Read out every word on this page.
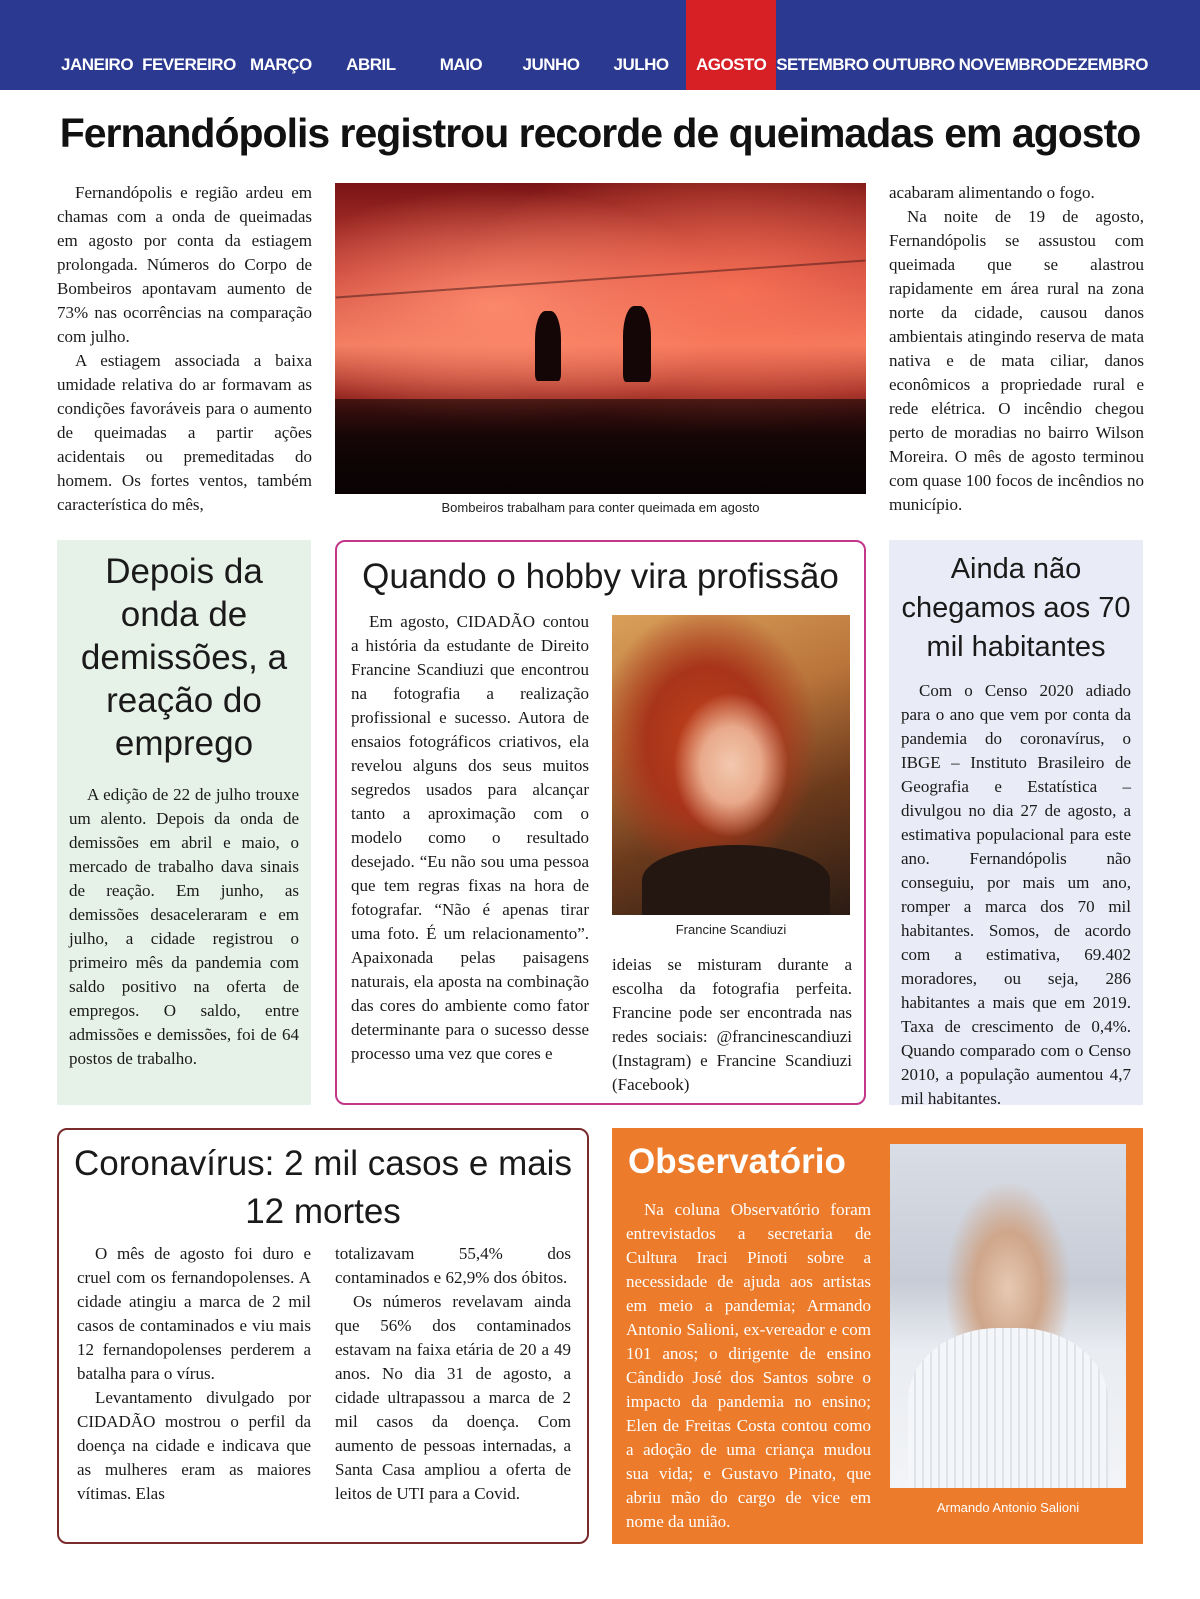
JANEIRO FEVEREIRO MARÇO	ABRIL	MAIO	JUNHO	JULHO	AGOSTO SETEMBRO OUTUBRO NOVEMBRO DEZEMBRO
Fernandópolis registrou recorde de queimadas em agosto

Fernandópolis e região ardeu em chamas com a onda de queimadas em agosto por conta da estiagem prolongada. Números do Corpo de Bombeiros apontavam aumento de 73% nas ocorrências na comparação com julho.

A estiagem associada a baixa umidade relativa do ar formavam as condições favoráveis para o aumento de queimadas a partir ações acidentais ou premeditadas do homem. Os fortes ventos, também característica do mês,	Bombeiros trabalham para conter queimada em agosto

acabaram alimentando o fogo.

Na noite de 19 de agosto, Fernandópolis se assustou com queimada que se alastrou rapidamente em área rural na zona norte da cidade, causou danos ambientais atingindo reserva de mata nativa e de mata ciliar, danos econômicos a propriedade rural e rede elétrica. O incêndio chegou perto de moradias no bairro Wilson Moreira. O mês de agosto terminou com quase 100 focos de incêndios no município.

Depois da onda de demissões, a reação do emprego

A edição de 22 de julho trouxe um alento. Depois da onda de demissões em abril e maio, o mercado de trabalho dava sinais de reação. Em junho, as demissões desaceleraram e em julho, a cidade registrou o primeiro mês da pandemia com saldo positivo na oferta de empregos. O saldo, entre admissões e demissões, foi de 64 postos de trabalho.

Quando o hobby vira profissão

Em agosto, CIDADÃO contou a história da estudante de Direito Francine Scandiuzi que encontrou na fotografia a realização profissional e sucesso. Autora de ensaios fotográficos criativos, ela revelou alguns dos seus muitos segredos usados para alcançar tanto a aproximação com o modelo como o resultado desejado. “Eu não sou uma pessoa que tem regras fixas na hora de fotografar. “Não é apenas tirar uma foto. É um relacionamento”. Apaixonada pelas paisagens naturais, ela aposta na combinação das cores do ambiente como fator determinante para o sucesso desse processo uma vez que cores e

Francine Scandiuzi

ideias se misturam durante a escolha da fotografia perfeita. Francine pode ser encontrada nas redes sociais: @francinescandiuzi (Instagram) e Francine Scandiuzi (Facebook)

Ainda não chegamos aos 70 mil habitantes

Com o Censo 2020 adiado para o ano que vem por conta da pandemia do coronavírus, o IBGE – Instituto Brasileiro de Geografia e Estatística – divulgou no dia 27 de agosto, a estimativa populacional para este ano. Fernandópolis não conseguiu, por mais um ano, romper a marca dos 70 mil habitantes. Somos, de acordo com a estimativa, 69.402 moradores, ou seja, 286 habitantes a mais que em 2019. Taxa de crescimento de 0,4%. Quando comparado com o Censo 2010, a população aumentou 4,7 mil habitantes.

Coronavírus: 2 mil casos e mais 12 mortes

O mês de agosto foi duro e cruel com os fernandopolenses. A cidade atingiu a marca de 2 mil casos de contaminados e viu mais 12 fernandopolenses perderem a batalha para o vírus.

Levantamento divulgado por CIDADÃO mostrou o perfil da doença na cidade e indicava que as mulheres eram as maiores vítimas. Elas

totalizavam 55,4% dos contaminados e 62,9% dos óbitos.

Os números revelavam ainda que 56% dos contaminados estavam na faixa etária de 20 a 49 anos. No dia 31 de agosto, a cidade ultrapassou a marca de 2 mil casos da doença. Com aumento de pessoas internadas, a Santa Casa ampliou a oferta de leitos de UTI para a Covid.

Observatório

Na coluna Observatório foram entrevistados a secretaria de Cultura Iraci Pinoti sobre a necessidade de ajuda aos artistas em meio a pandemia; Armando Antonio Salioni, ex-vereador e com 101 anos; o dirigente de ensino Cândido José dos Santos sobre o impacto da pandemia no ensino; Elen de Freitas Costa contou como a adoção de uma criança mudou sua vida; e Gustavo Pinato, que abriu mão do cargo de vice em nome da união.

Armando Antonio Salioni
